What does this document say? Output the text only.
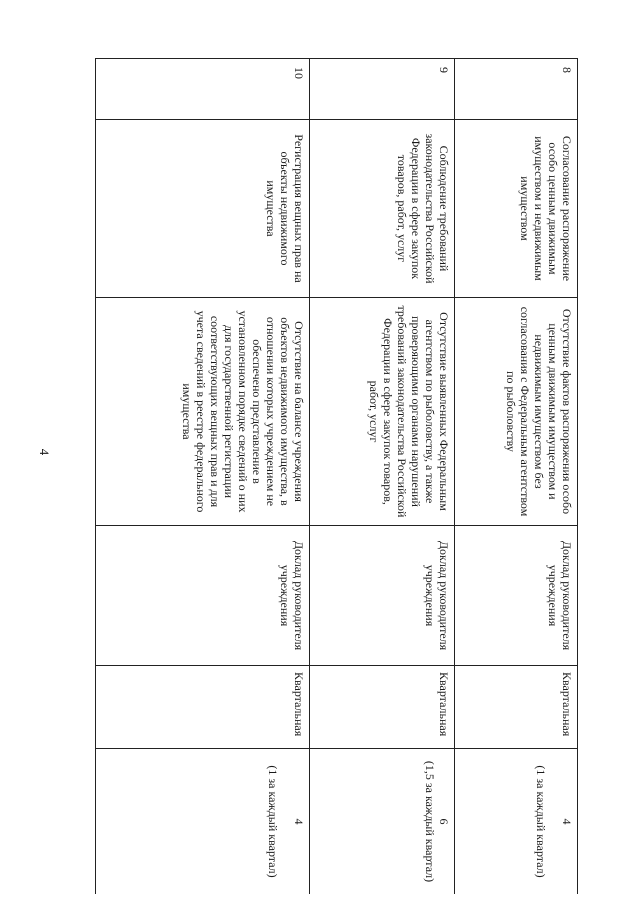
4
8	Согласование распоряжение особо ценным движимым имуществом и недвижимым имуществом	Отсутствие фактов распоряжения особо ценным движимым имуществом и недвижимым имуществом без согласования с Федеральным агентством по рыболовству	Доклад руководителя учреждения	Квартальная	4
(1 за каждый квартал)

9	Соблюдение требований законодательства Российской Федерации в сфере закупок товаров, работ, услуг	Отсутствие выявленных Федеральным агентством по рыболовству, а также проверяющими органами нарушений требований законодательства Российской Федерации в сфере закупок товаров, работ, услуг	Доклад руководителя учреждения	Квартальная	6
(1,5 за каждый квартал)

10	Регистрация вещных прав на объекты недвижимого имущества	Отсутствие на балансе учреждения объектов недвижимого имущества, в отношении которых учреждением не обеспечено представление в установленном порядке сведений о них для государственной регистрации соответствующих вещных прав и для учета сведений в реестре федерального имущества	Доклад руководителя учреждения	Квартальная	4
(1 за каждый квартал)
